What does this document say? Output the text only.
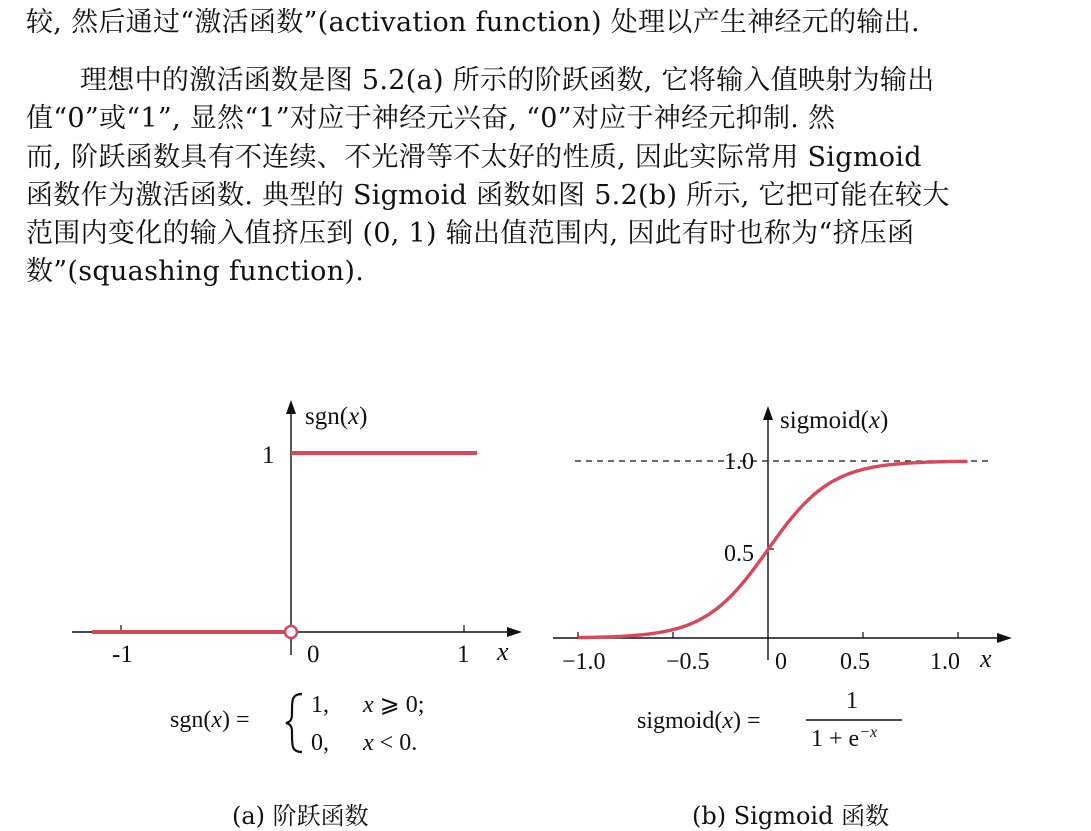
较, 然后通过“激活函数”(activation function) 处理以产生神经元的输出.
理想中的激活函数是图 5.2(a) 所示的阶跃函数, 它将输入值映射为输出
值“0”或“1”, 显然“1”对应于神经元兴奋, “0”对应于神经元抑制. 然
而, 阶跃函数具有不连续、不光滑等不太好的性质, 因此实际常用 Sigmoid
函数作为激活函数. 典型的 Sigmoid 函数如图 5.2(b) 所示, 它把可能在较大
范围内变化的输入值挤压到 (0, 1) 输出值范围内, 因此有时也称为“挤压函
数”(squashing function).
sgn(x)
1
-1	0	1 x
sigmoid(x)
1.0
0.5
−1.0	−0.5	0 0.5	1.0 x
sgn(x) =
1, x ⩾ 0;
0, x < 0.
sigmoid(x) =
1
$1 + e^{-x}$
(a) 阶跃函数	(b) Sigmoid 函数
